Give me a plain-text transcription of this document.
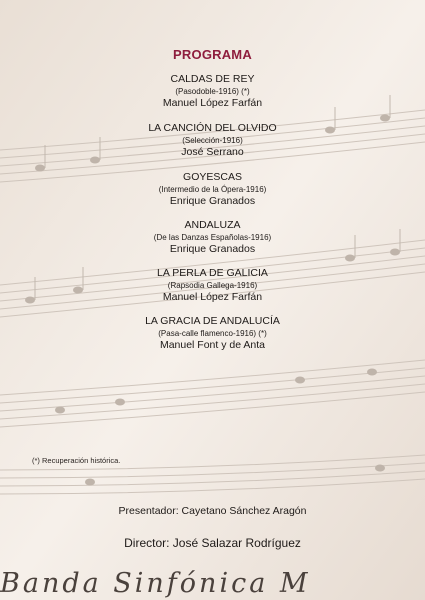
PROGRAMA
CALDAS DE REY
(Pasodoble-1916) (*)
Manuel López Farfán
LA CANCIÓN DEL OLVIDO
(Selección-1916)
José Serrano
GOYESCAS
(Intermedio de la Ópera-1916)
Enrique Granados
ANDALUZA
(De las Danzas Españolas-1916)
Enrique Granados
LA PERLA DE GALICIA
(Rapsodia Gallega-1916)
Manuel López Farfán
LA GRACIA DE ANDALUCÍA
(Pasa-calle flamenco-1916) (*)
Manuel Font y de Anta
(*) Recuperación histórica.
Presentador: Cayetano Sánchez Aragón
Director: José Salazar Rodríguez
Banda Sinfónica M
